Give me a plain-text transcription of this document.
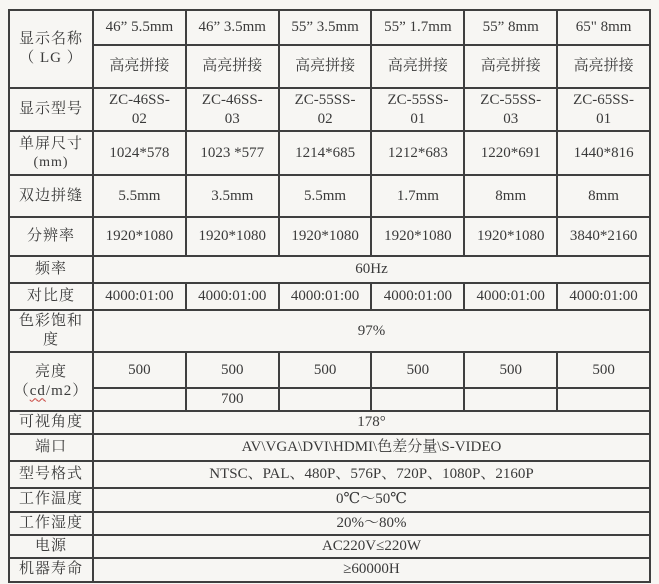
显示名称
（ LG ）	46” 5.5mm	46” 3.5mm	55” 3.5mm	55” 1.7mm	55” 8mm	65" 8mm
	高亮拼接	高亮拼接	高亮拼接	高亮拼接	高亮拼接	高亮拼接
显示型号	ZC-46SS-02	ZC-46SS-03	ZC-55SS-02	ZC-55SS-01	ZC-55SS-03	ZC-65SS-01

单屏尺寸
(mm)	1024*578	1023 *577	1214*685	1212*683	1220*691	1440*816
双边拼缝	5.5mm	3.5mm	5.5mm	1.7mm	8mm	8mm
分辨率	1920*1080	1920*1080	1920*1080	1920*1080	1920*1080	3840*2160
频率	60Hz					
对比度	4000:01:00	4000:01:00	4000:01:00	4000:01:00	4000:01:00	4000:01:00

色彩饱和
度	97%					

亮度
（cd/m2）	500	500	500	500	500	500
		700				
可视角度	178°					
端口	AV\VGA\DVI\HDMI\色差分量\S-VIDEO					
型号格式	NTSC、PAL、480P、576P、720P、1080P、2160P					
工作温度	0℃～50℃					
工作湿度	20%～80%					
电源	AC220V≤220W					
机器寿命	≥60000H					
